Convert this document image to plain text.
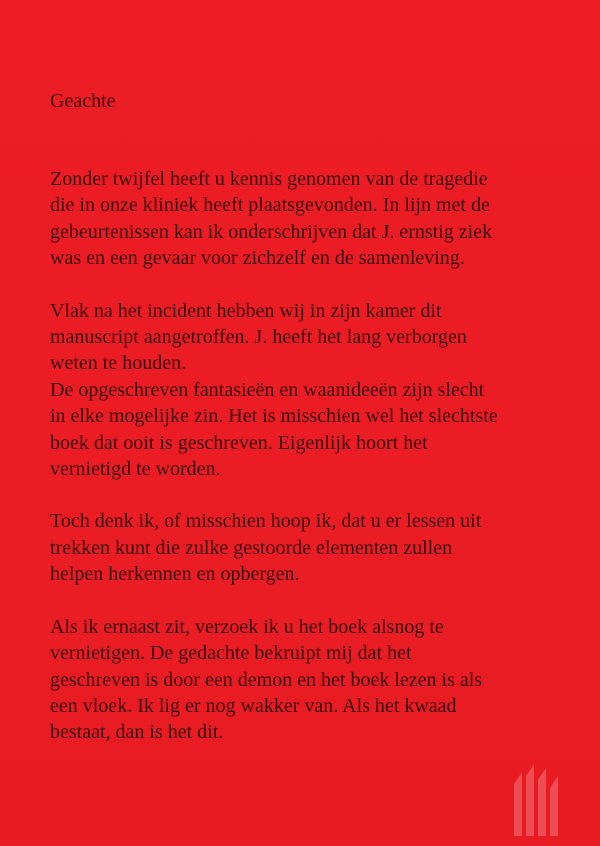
Geachte

Zonder twijfel heeft u kennis genomen van de tragedie
die in onze kliniek heeft plaatsgevonden. In lijn met de
gebeurtenissen kan ik onderschrijven dat J. ernstig ziek
was en een gevaar voor zichzelf en de samenleving.

Vlak na het incident hebben wij in zijn kamer dit
manuscript aangetroffen. J. heeft het lang verborgen
weten te houden.
De opgeschreven fantasieën en waanideeën zijn slecht
in elke mogelijke zin. Het is misschien wel het slechtste
boek dat ooit is geschreven. Eigenlijk hoort het
vernietigd te worden.

Toch denk ik, of misschien hoop ik, dat u er lessen uit
trekken kunt die zulke gestoorde elementen zullen
helpen herkennen en opbergen.

Als ik ernaast zit, verzoek ik u het boek alsnog te
vernietigen. De gedachte bekruipt mij dat het
geschreven is door een demon en het boek lezen is als
een vloek. Ik lig er nog wakker van. Als het kwaad
bestaat, dan is het dit.
